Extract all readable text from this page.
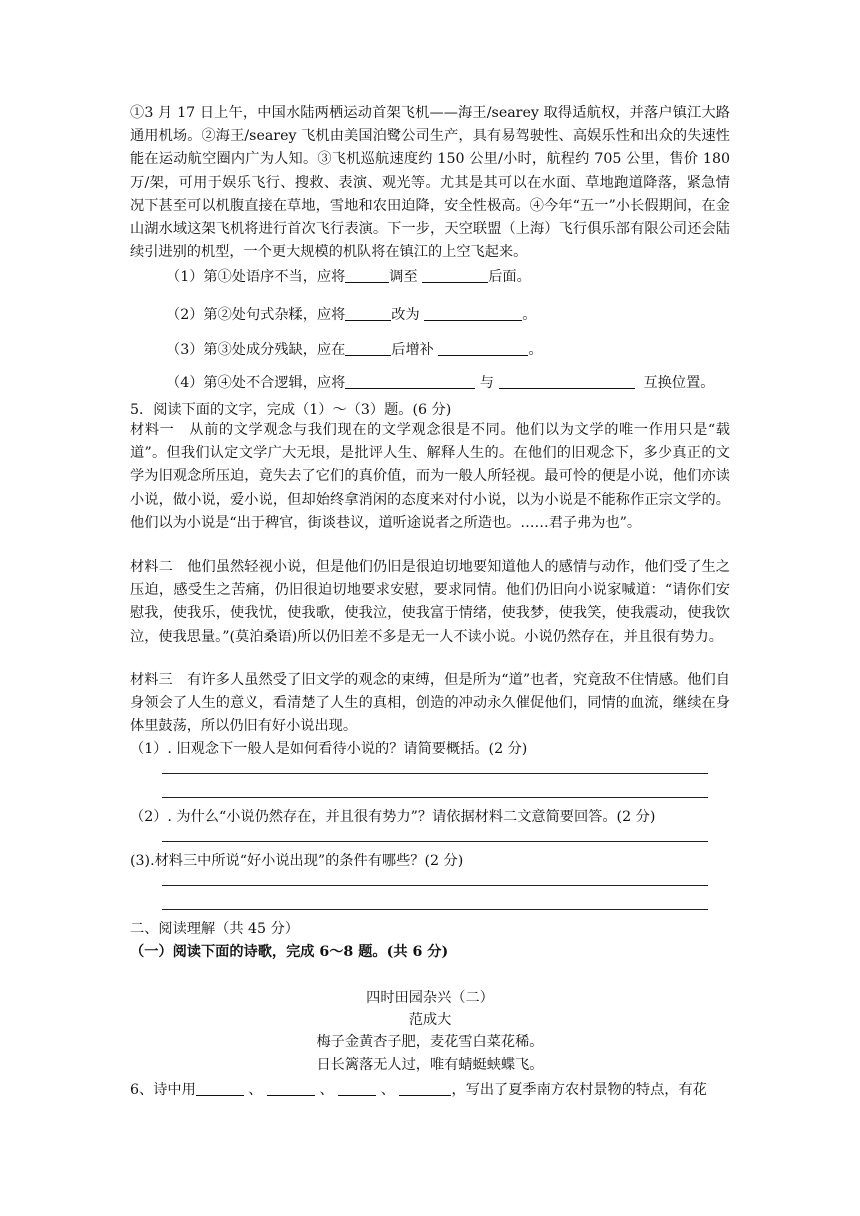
①3 月 17 日上午，中国水陆两栖运动首架飞机——海王/searey 取得适航权，并落户镇江大路通用机场。②海王/searey 飞机由美国泊鹭公司生产，具有易驾驶性、高娱乐性和出众的失速性能在运动航空圈内广为人知。③飞机巡航速度约 150 公里/小时，航程约 705 公里，售价 180 万/架，可用于娱乐飞行、搜救、表演、观光等。尤其是其可以在水面、草地跑道降落，紧急情况下甚至可以机腹直接在草地，雪地和农田迫降，安全性极高。④今年“五一”小长假期间，在金山湖水域这架飞机将进行首次飞行表演。下一步，天空联盟（上海）飞行俱乐部有限公司还会陆续引进别的机型，一个更大规模的机队将在镇江的上空飞起来。
（1）第①处语序不当，应将	调至	后面。
（2）第②处句式杂糅，应将	改为	。
（3）第③处成分残缺，应在	后增补	。
（4）第④处不合逻辑，应将	与	互换位置。
5．阅读下面的文字，完成（1）～（3）题。(6 分)
材料一　从前的文学观念与我们现在的文学观念很是不同。他们以为文学的唯一作用只是“载道”。但我们认定文学广大无垠，是批评人生、解释人生的。在他们的旧观念下，多少真正的文学为旧观念所压迫，竟失去了它们的真价值，而为一般人所轻视。最可怜的便是小说，他们亦读小说，做小说，爱小说，但却始终拿消闲的态度来对付小说，以为小说是不能称作正宗文学的。他们以为小说是“出于稗官，街谈巷议，道听途说者之所造也。……君子弗为也”。
材料二　他们虽然轻视小说，但是他们仍旧是很迫切地要知道他人的感情与动作，他们受了生之压迫，感受生之苦痛，仍旧很迫切地要求安慰，要求同情。他们仍旧向小说家喊道：“请你们安慰我，使我乐，使我忧，使我歌，使我泣，使我富于情绪，使我梦，使我笑，使我震动，使我饮泣，使我思量。”(莫泊桑语)所以仍旧差不多是无一人不读小说。小说仍然存在，并且很有势力。
材料三　有许多人虽然受了旧文学的观念的束缚，但是所为“道”也者，究竟敌不住情感。他们自身领会了人生的意义，看清楚了人生的真相，创造的冲动永久催促他们，同情的血流，继续在身体里鼓荡，所以仍旧有好小说出现。
（1）. 旧观念下一般人是如何看待小说的？请简要概括。(2 分)
（2）. 为什么“小说仍然存在，并且很有势力”？请依据材料二文意简要回答。(2 分)
(3).材料三中所说“好小说出现”的条件有哪些？(2 分)
二、阅读理解（共 45 分）
（一）阅读下面的诗歌，完成 6～8 题。(共 6 分)
四时田园杂兴（二）
范成大
梅子金黄杏子肥，麦花雪白菜花稀。
日长篱落无人过，唯有蜻蜓蛱蝶飞。
6、诗中用	、	、	、	，写出了夏季南方农村景物的特点，有花
